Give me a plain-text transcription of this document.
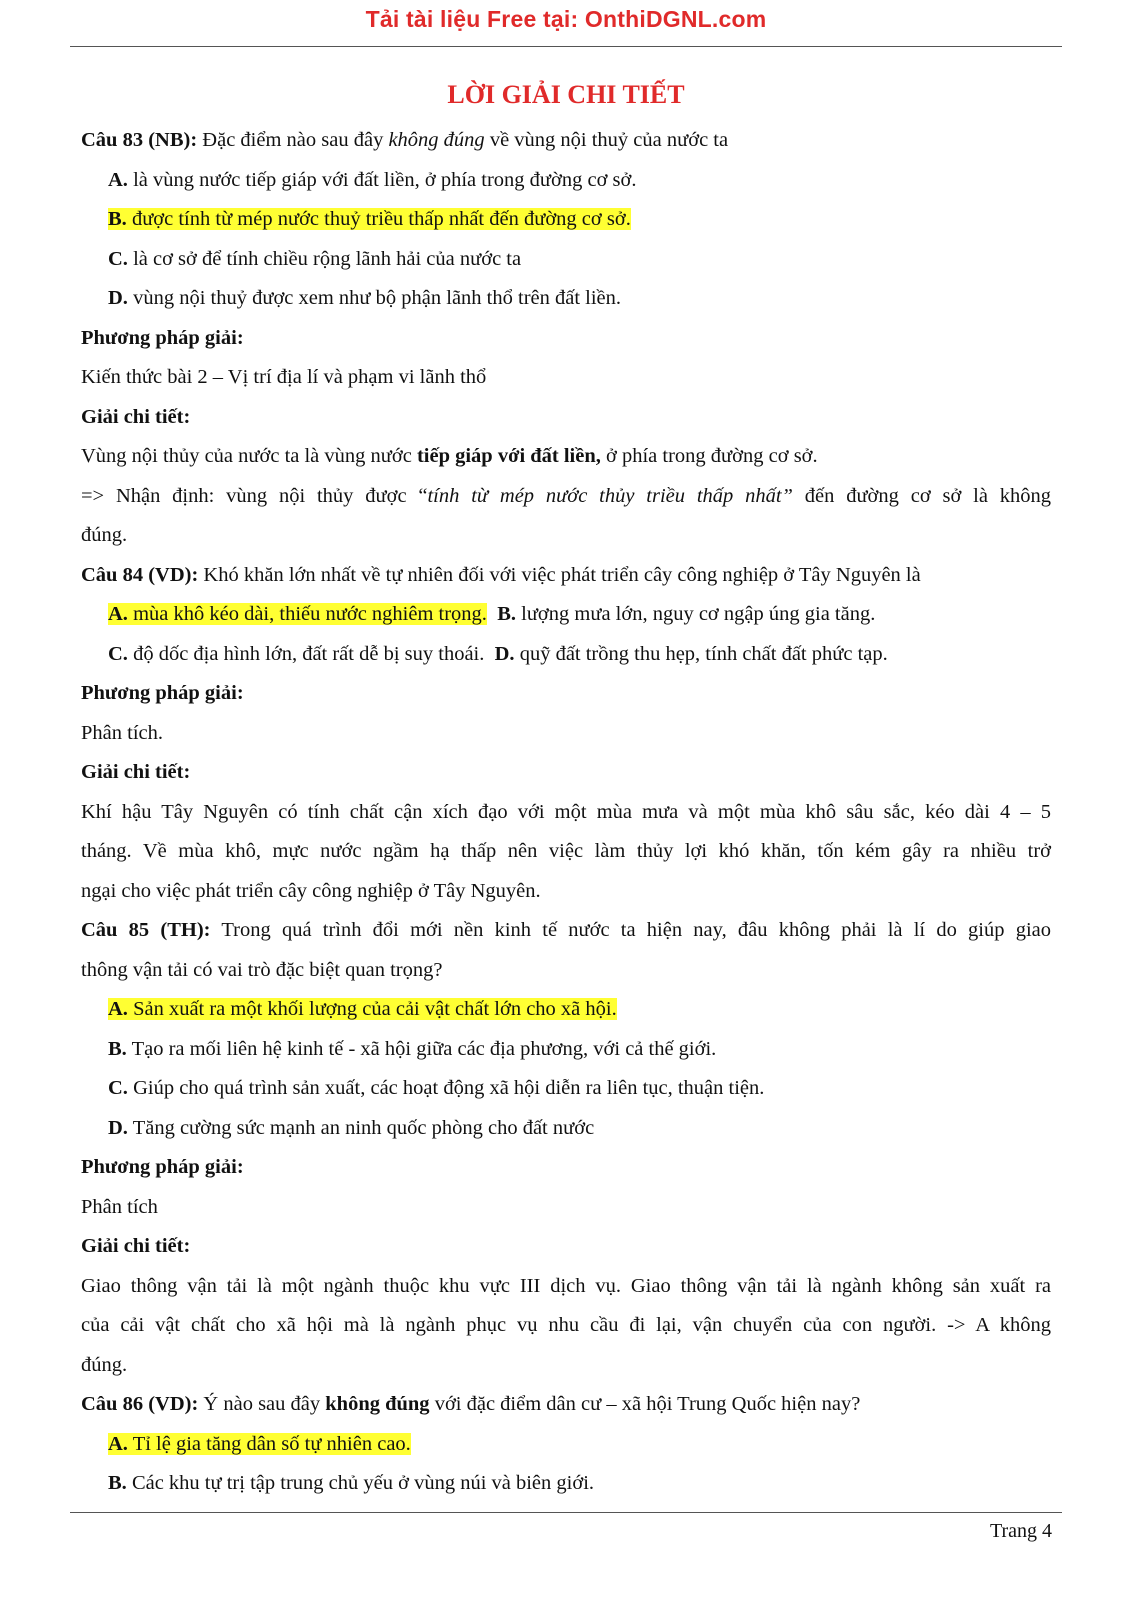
Tải tài liệu Free tại: OnthiDGNL.com
LỜI GIẢI CHI TIẾT
Câu 83 (NB): Đặc điểm nào sau đây không đúng về vùng nội thuỷ của nước ta
A. là vùng nước tiếp giáp với đất liền, ở phía trong đường cơ sở.
B. được tính từ mép nước thuỷ triều thấp nhất đến đường cơ sở.
C. là cơ sở để tính chiều rộng lãnh hải của nước ta
D. vùng nội thuỷ được xem như bộ phận lãnh thổ trên đất liền.
Phương pháp giải:
Kiến thức bài 2 – Vị trí địa lí và phạm vi lãnh thổ
Giải chi tiết:
Vùng nội thủy của nước ta là vùng nước tiếp giáp với đất liền, ở phía trong đường cơ sở.
=> Nhận định: vùng nội thủy được “tính từ mép nước thủy triều thấp nhất” đến đường cơ sở là không
đúng.
Câu 84 (VD): Khó khăn lớn nhất về tự nhiên đối với việc phát triển cây công nghiệp ở Tây Nguyên là
A. mùa khô kéo dài, thiếu nước nghiêm trọng. B. lượng mưa lớn, nguy cơ ngập úng gia tăng.
C. độ dốc địa hình lớn, đất rất dễ bị suy thoái. D. quỹ đất trồng thu hẹp, tính chất đất phức tạp.
Phương pháp giải:
Phân tích.
Giải chi tiết:
Khí hậu Tây Nguyên có tính chất cận xích đạo với một mùa mưa và một mùa khô sâu sắc, kéo dài 4 – 5
tháng. Về mùa khô, mực nước ngầm hạ thấp nên việc làm thủy lợi khó khăn, tốn kém gây ra nhiều trở
ngại cho việc phát triển cây công nghiệp ở Tây Nguyên.
Câu 85 (TH): Trong quá trình đổi mới nền kinh tế nước ta hiện nay, đâu không phải là lí do giúp giao
thông vận tải có vai trò đặc biệt quan trọng?
A. Sản xuất ra một khối lượng của cải vật chất lớn cho xã hội.
B. Tạo ra mối liên hệ kinh tế - xã hội giữa các địa phương, với cả thế giới.
C. Giúp cho quá trình sản xuất, các hoạt động xã hội diễn ra liên tục, thuận tiện.
D. Tăng cường sức mạnh an ninh quốc phòng cho đất nước
Phương pháp giải:
Phân tích
Giải chi tiết:
Giao thông vận tải là một ngành thuộc khu vực III dịch vụ. Giao thông vận tải là ngành không sản xuất ra
của cải vật chất cho xã hội mà là ngành phục vụ nhu cầu đi lại, vận chuyển của con người. -> A không
đúng.
Câu 86 (VD): Ý nào sau đây không đúng với đặc điểm dân cư – xã hội Trung Quốc hiện nay?
A. Tỉ lệ gia tăng dân số tự nhiên cao.
B. Các khu tự trị tập trung chủ yếu ở vùng núi và biên giới.
Trang 4
